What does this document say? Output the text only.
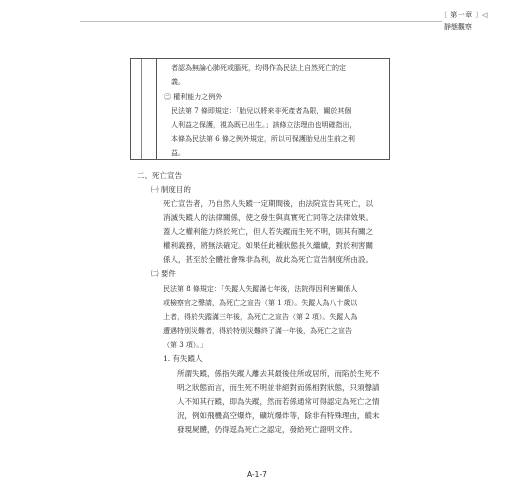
〔 第一章 〕
靜態觀察
◁
者認為無論心肺死或腦死，均得作為民法上自然死亡的定
義。
㊁ 權利能力之例外
民法第 7 條即規定：「胎兒以將來非死產者為限，關於其個
人利益之保護，視為既已出生。」該條立法理由也明確指出，
本條為民法第 6 條之例外規定，所以可保護胎兒出生前之利
益。
二、死亡宣告
㈠ 制度目的
死亡宣告者，乃自然人失蹤一定期間後，由法院宣告其死亡，以
消滅失蹤人的法律關係，使之發生與真實死亡同等之法律效果。
蓋人之權利能力終於死亡，但人若失蹤而生死不明，則其有關之
權利義務，將無法確定。如果任此種狀態長久繼續，對於利害關
係人，甚至於全體社會殊非為利，故此為死亡宣告制度所由設。
㈡ 要件
民法第 8 條規定：「失蹤人失蹤滿七年後，法院得因利害關係人
或檢察官之聲請，為死亡之宣告（第 1 項）。失蹤人為八十歲以
上者，得於失蹤滿三年後，為死亡之宣告（第 2 項）。失蹤人為
遭遇特別災難者，得於特別災難終了滿一年後，為死亡之宣告
（第 3 項）。」
1. 有失蹤人
所謂失蹤，係指失蹤人離去其最後住所或居所，而陷於生死不
明之狀態而言，而生死不明並非絕對而係相對狀態，只須聲請
人不知其行蹤，即為失蹤，然而若係通常可得認定為死亡之情
況，例如飛機高空爆炸，礦坑爆炸等，除非有特殊理由，縱未
發現屍體，仍得逕為死亡之認定，發給死亡證明文件。
A-1-7
